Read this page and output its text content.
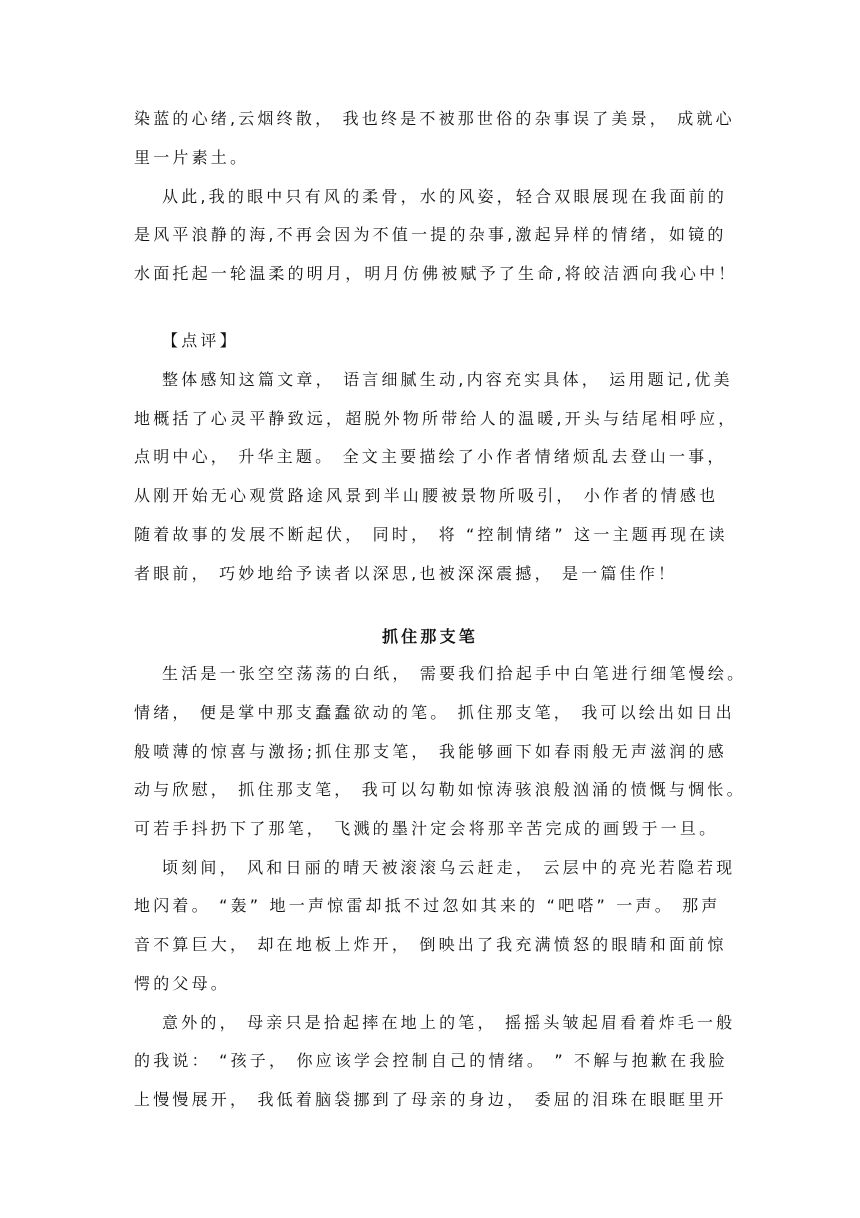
染蓝的心绪,云烟终散， 我也终是不被那世俗的杂事误了美景， 成就心
里一片素土。
从此,我的眼中只有风的柔骨，水的风姿，轻合双眼展现在我面前的
是风平浪静的海,不再会因为不值一提的杂事,激起异样的情绪，如镜的
水面托起一轮温柔的明月，明月仿佛被赋予了生命,将皎洁洒向我心中！
【点评】
整体感知这篇文章， 语言细腻生动,内容充实具体， 运用题记,优美
地概括了心灵平静致远，超脱外物所带给人的温暖,开头与结尾相呼应，
点明中心， 升华主题。 全文主要描绘了小作者情绪烦乱去登山一事，
从刚开始无心观赏路途风景到半山腰被景物所吸引， 小作者的情感也
随着故事的发展不断起伏， 同时， 将 “控制情绪” 这一主题再现在读
者眼前， 巧妙地给予读者以深思,也被深深震撼， 是一篇佳作！
抓住那支笔
生活是一张空空荡荡的白纸， 需要我们拾起手中白笔进行细笔慢绘。
情绪， 便是掌中那支蠢蠢欲动的笔。 抓住那支笔， 我可以绘出如日出
般喷薄的惊喜与激扬;抓住那支笔， 我能够画下如春雨般无声滋润的感
动与欣慰， 抓住那支笔， 我可以勾勒如惊涛骇浪般汹涌的愤慨与惆怅。
可若手抖扔下了那笔， 飞溅的墨汁定会将那辛苦完成的画毁于一旦。
顷刻间， 风和日丽的晴天被滚滚乌云赶走， 云层中的亮光若隐若现
地闪着。 “轰” 地一声惊雷却抵不过忽如其来的 “吧嗒” 一声。 那声
音不算巨大， 却在地板上炸开， 倒映出了我充满愤怒的眼睛和面前惊
愕的父母。
意外的， 母亲只是拾起摔在地上的笔， 摇摇头皱起眉看着炸毛一般
的我说： “孩子， 你应该学会控制自己的情绪。 ” 不解与抱歉在我脸
上慢慢展开， 我低着脑袋挪到了母亲的身边， 委屈的泪珠在眼眶里开
